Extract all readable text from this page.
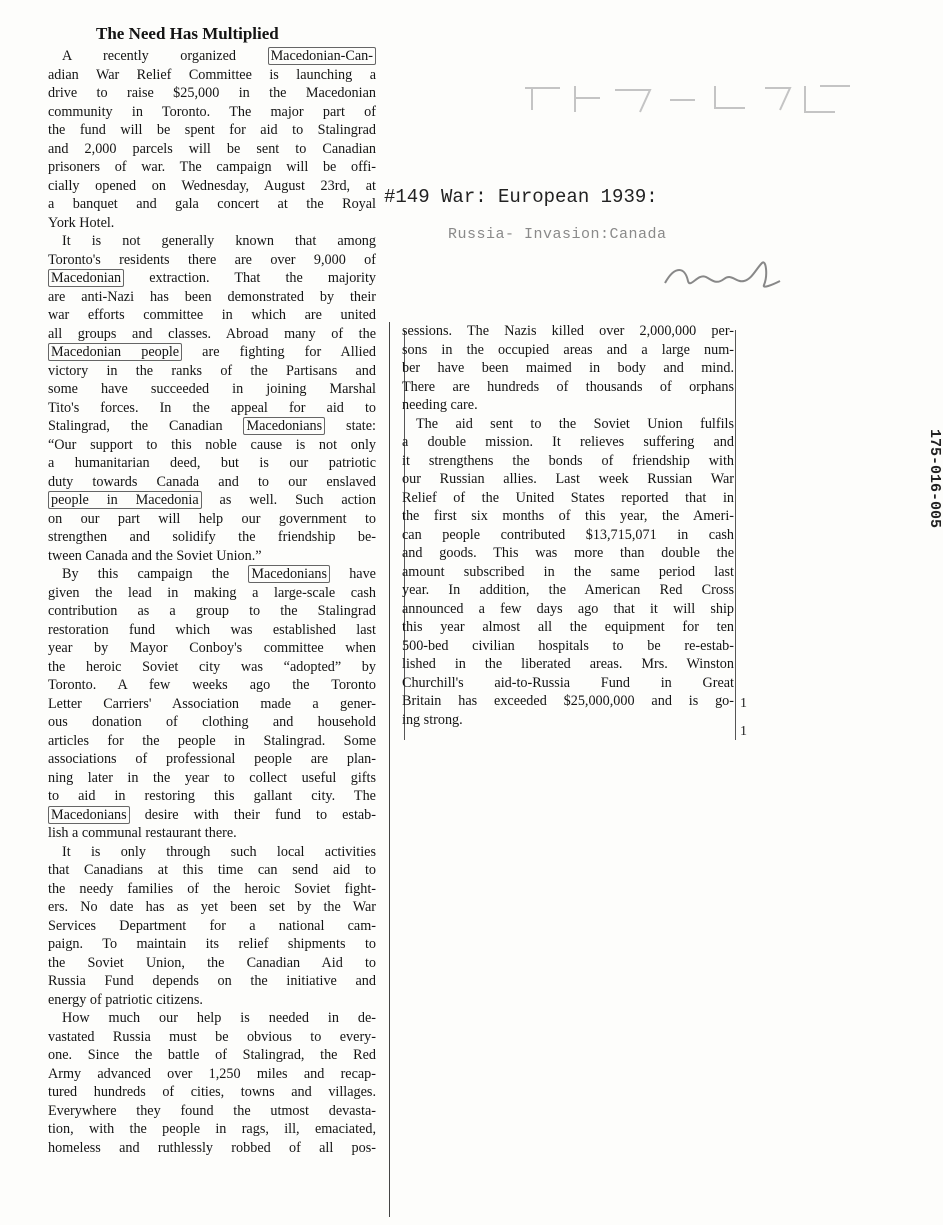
The Need Has Multiplied
A recently organized Macedonian-Can-
adian War Relief Committee is launching a
drive to raise $25,000 in the Macedonian
community in Toronto. The major part of
the fund will be spent for aid to Stalingrad
and 2,000 parcels will be sent to Canadian
prisoners of war. The campaign will be offi-
cially opened on Wednesday, August 23rd, at
a banquet and gala concert at the Royal
York Hotel.
It is not generally known that among
Toronto's residents there are over 9,000 of
Macedonian extraction. That the majority
are anti-Nazi has been demonstrated by their
war efforts committee in which are united
all groups and classes. Abroad many of the
Macedonian people are fighting for Allied
victory in the ranks of the Partisans and
some have succeeded in joining Marshal
Tito's forces. In the appeal for aid to
Stalingrad, the Canadian Macedonians state:
“Our support to this noble cause is not only
a humanitarian deed, but is our patriotic
duty towards Canada and to our enslaved
people in Macedonia as well. Such action
on our part will help our government to
strengthen and solidify the friendship be-
tween Canada and the Soviet Union.”
By this campaign the Macedonians have
given the lead in making a large-scale cash
contribution as a group to the Stalingrad
restoration fund which was established last
year by Mayor Conboy's committee when
the heroic Soviet city was “adopted” by
Toronto. A few weeks ago the Toronto
Letter Carriers' Association made a gener-
ous donation of clothing and household
articles for the people in Stalingrad. Some
associations of professional people are plan-
ning later in the year to collect useful gifts
to aid in restoring this gallant city. The
Macedonians desire with their fund to estab-
lish a communal restaurant there.
It is only through such local activities
that Canadians at this time can send aid to
the needy families of the heroic Soviet fight-
ers. No date has as yet been set by the War
Services Department for a national cam-
paign. To maintain its relief shipments to
the Soviet Union, the Canadian Aid to
Russia Fund depends on the initiative and
energy of patriotic citizens.
How much our help is needed in de-
vastated Russia must be obvious to every-
one. Since the battle of Stalingrad, the Red
Army advanced over 1,250 miles and recap-
tured hundreds of cities, towns and villages.
Everywhere they found the utmost devasta-
tion, with the people in rags, ill, emaciated,
homeless and ruthlessly robbed of all pos-
sessions. The Nazis killed over 2,000,000 per-
sons in the occupied areas and a large num-
ber have been maimed in body and mind.
There are hundreds of thousands of orphans
needing care.
The aid sent to the Soviet Union fulfils
a double mission. It relieves suffering and
it strengthens the bonds of friendship with
our Russian allies. Last week Russian War
Relief of the United States reported that in
the first six months of this year, the Ameri-
can people contributed $13,715,071 in cash
and goods. This was more than double the
amount subscribed in the same period last
year. In addition, the American Red Cross
announced a few days ago that it will ship
this year almost all the equipment for ten
500-bed civilian hospitals to be re-estab-
lished in the liberated areas. Mrs. Winston
Churchill's aid-to-Russia Fund in Great
Britain has exceeded $25,000,000 and is go-
ing strong.
#149 War: European 1939:
Russia- Invasion:Canada
175-016-005
1
1
